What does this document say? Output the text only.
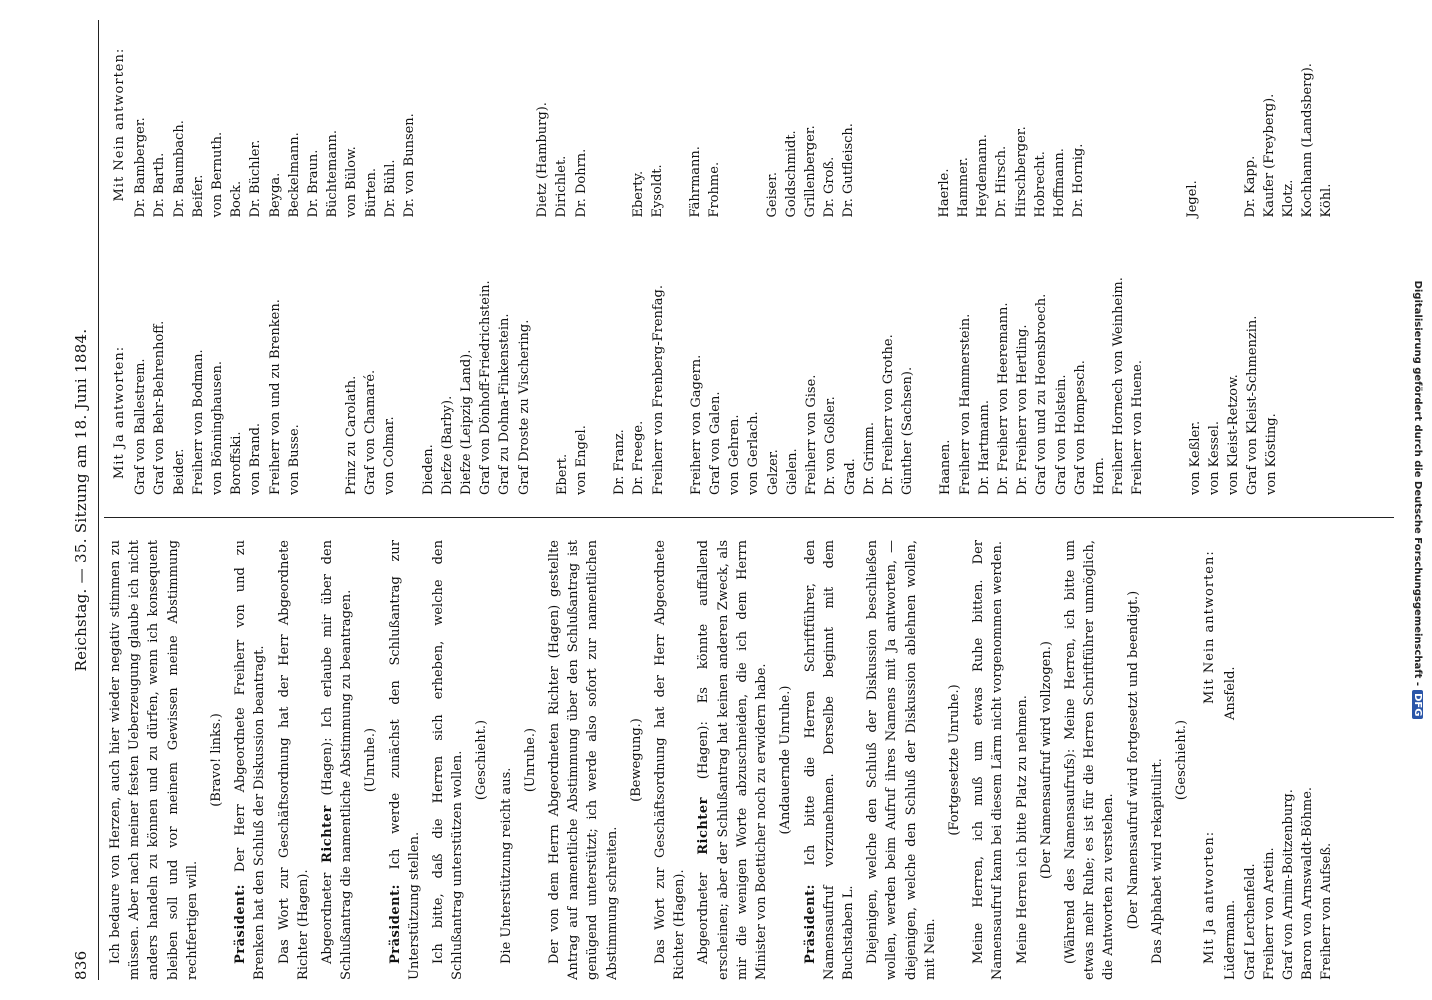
836
Reichstag. — 35. Sitzung am 18. Juni 1884.

Ich bedaure von Herzen, auch hier wieder negativ stimmen zu müssen. Aber nach meiner festen Ueberzeugung glaube ich nicht anders handeln zu können und zu dürfen, wenn ich konsequent bleiben soll und vor meinem Gewissen meine Abstimmung rechtfertigen will.

(Bravo! links.)

Präsident: Der Herr Abgeordnete Freiherr von und zu Brenken hat den Schluß der Diskussion beantragt. Das Wort zur Geschäftsordnung hat der Herr Abgeordnete Richter (Hagen). Abgeordneter Richter (Hagen): Ich erlaube mir über den Schlußantrag die namentliche Abstimmung zu beantragen. (Unruhe.)

Präsident: Ich werde zunächst den Schlußantrag zur Unterstützung stellen. Ich bitte, daß die Herren sich erheben, welche den Schlußantrag unterstützen wollen. (Geschieht.)

Die Unterstützung reicht aus.

(Unruhe.) Der von dem Herrn Abgeordneten Richter (Hagen) gestellte Antrag auf namentliche Abstimmung über den Schlußantrag ist genügend unterstützt; ich werde also sofort zur namentlichen Abstimmung schreiten.

(Bewegung.) Das Wort zur Geschäftsordnung hat der Herr Abgeordnete Richter (Hagen). Abgeordneter Richter (Hagen): Es könnte auffallend erscheinen; aber der Schlußantrag hat keinen anderen Zweck, als mir die wenigen Worte abzuschneiden, die ich dem Herrn Minister von Boetticher noch zu erwidern habe. (Andauernde Unruhe.)

Präsident: Ich bitte die Herren Schriftführer, den Namensaufruf vorzunehmen. Derselbe beginnt mit dem Buchstaben L. Diejenigen, welche den Schluß der Diskussion beschließen wollen, werden beim Aufruf ihres Namens mit Ja antworten, — diejenigen, welche den Schluß der Diskussion ablehnen wollen, mit Nein.

(Fortgesetzte Unruhe.) Meine Herren, ich muß um etwas Ruhe bitten. Der Namensaufruf kann bei diesem Lärm nicht vorgenommen werden. Meine Herren ich bitte Platz zu nehmen. (Der Namensaufruf wird vollzogen.) (Während des Namensaufrufs): Meine Herren, ich bitte um etwas mehr Ruhe; es ist für die Herren Schriftführer unmöglich, die Antworten zu verstehen. (Der Namensaufruf wird fortgesetzt und beendigt.) Das Alphabet wird rekapitulirt. (Geschieht.)
Mit Ja antworten: Lüdermann. Graf Lerchenfeld. Freiherr von Aretin. Graf von Arnim-Boitzenburg. Baron von Arnswaldt-Böhme. Freiherr von Aufseß.
Mit Nein antworten: Ansfeld.
Mit Ja antworten: Graf von Ballestrem. Graf von Behr-Behrenhoff. Beider. Freiherr von Bodman. von Bönninghausen. Boroffski. von Brand. Freiherr von und zu Brenken. von Busse.	Prinz zu Carolath. Graf von Chamaré. von Colmar. Dieden. Diefze (Barby). Diefze (Leipzig Land). Graf von Dönhoff-Friedrichstein. Graf zu Dohna-Finkenstein. Graf Droste zu Vischering. Ebert. von Engel. Dr. Franz. Dr. Freege. Freiherr von Frenberg-Frenfag. Freiherr von Gagern. Graf von Galen. von Gehren. von Gerlach. Gelzer. Gielen. Freiherr von Gise. Dr. von Goßler. Grad. Dr. Grimm. Dr. Freiherr von Grothe. Günther (Sachsen). Haanen. Freiherr von Hammerstein. Dr. Hartmann. Dr. Freiherr von Heeremann. Dr. Freiherr von Hertling. Graf von und zu Hoensbroech. Graf von Holstein. Graf von Hompesch. Horn. Freiherr Hornech von Weinheim. Freiherr von Huene.	von Keßler. von Kessel. von Kleist-Retzow. Graf von Kleist-Schmenzin. von Kösting.
Mit Nein antworten: Dr. Bamberger. Dr. Barth. Dr. Baumbach. Beifer. von Bernuth. Bock. Dr. Büchler. Beyga. Beckelmann. Dr. Braun. Büchtemann. von Bülow. Bürten. Dr. Bühl. Dr. von Bunsen.	Dietz (Hamburg). Dirichlet. Dr. Dohrn.	Eberty. Eysoldt. Fährmann. Frohme.	Geiser. Goldschmidt. Grillenberger. Dr. Groß. Dr. Gutfleisch.	Haerle. Hammer. Heydemann. Dr. Hirsch. Hirschberger. Hobrecht. Hoffmann. Dr. Hornig.	Jegel.	Dr. Kapp. Kaufer (Freyberg). Klotz. Kochhann (Landsberg). Köhl.
Digitalisierung gefördert durch die Deutsche Forschungsgemeinschaft -
DFG
